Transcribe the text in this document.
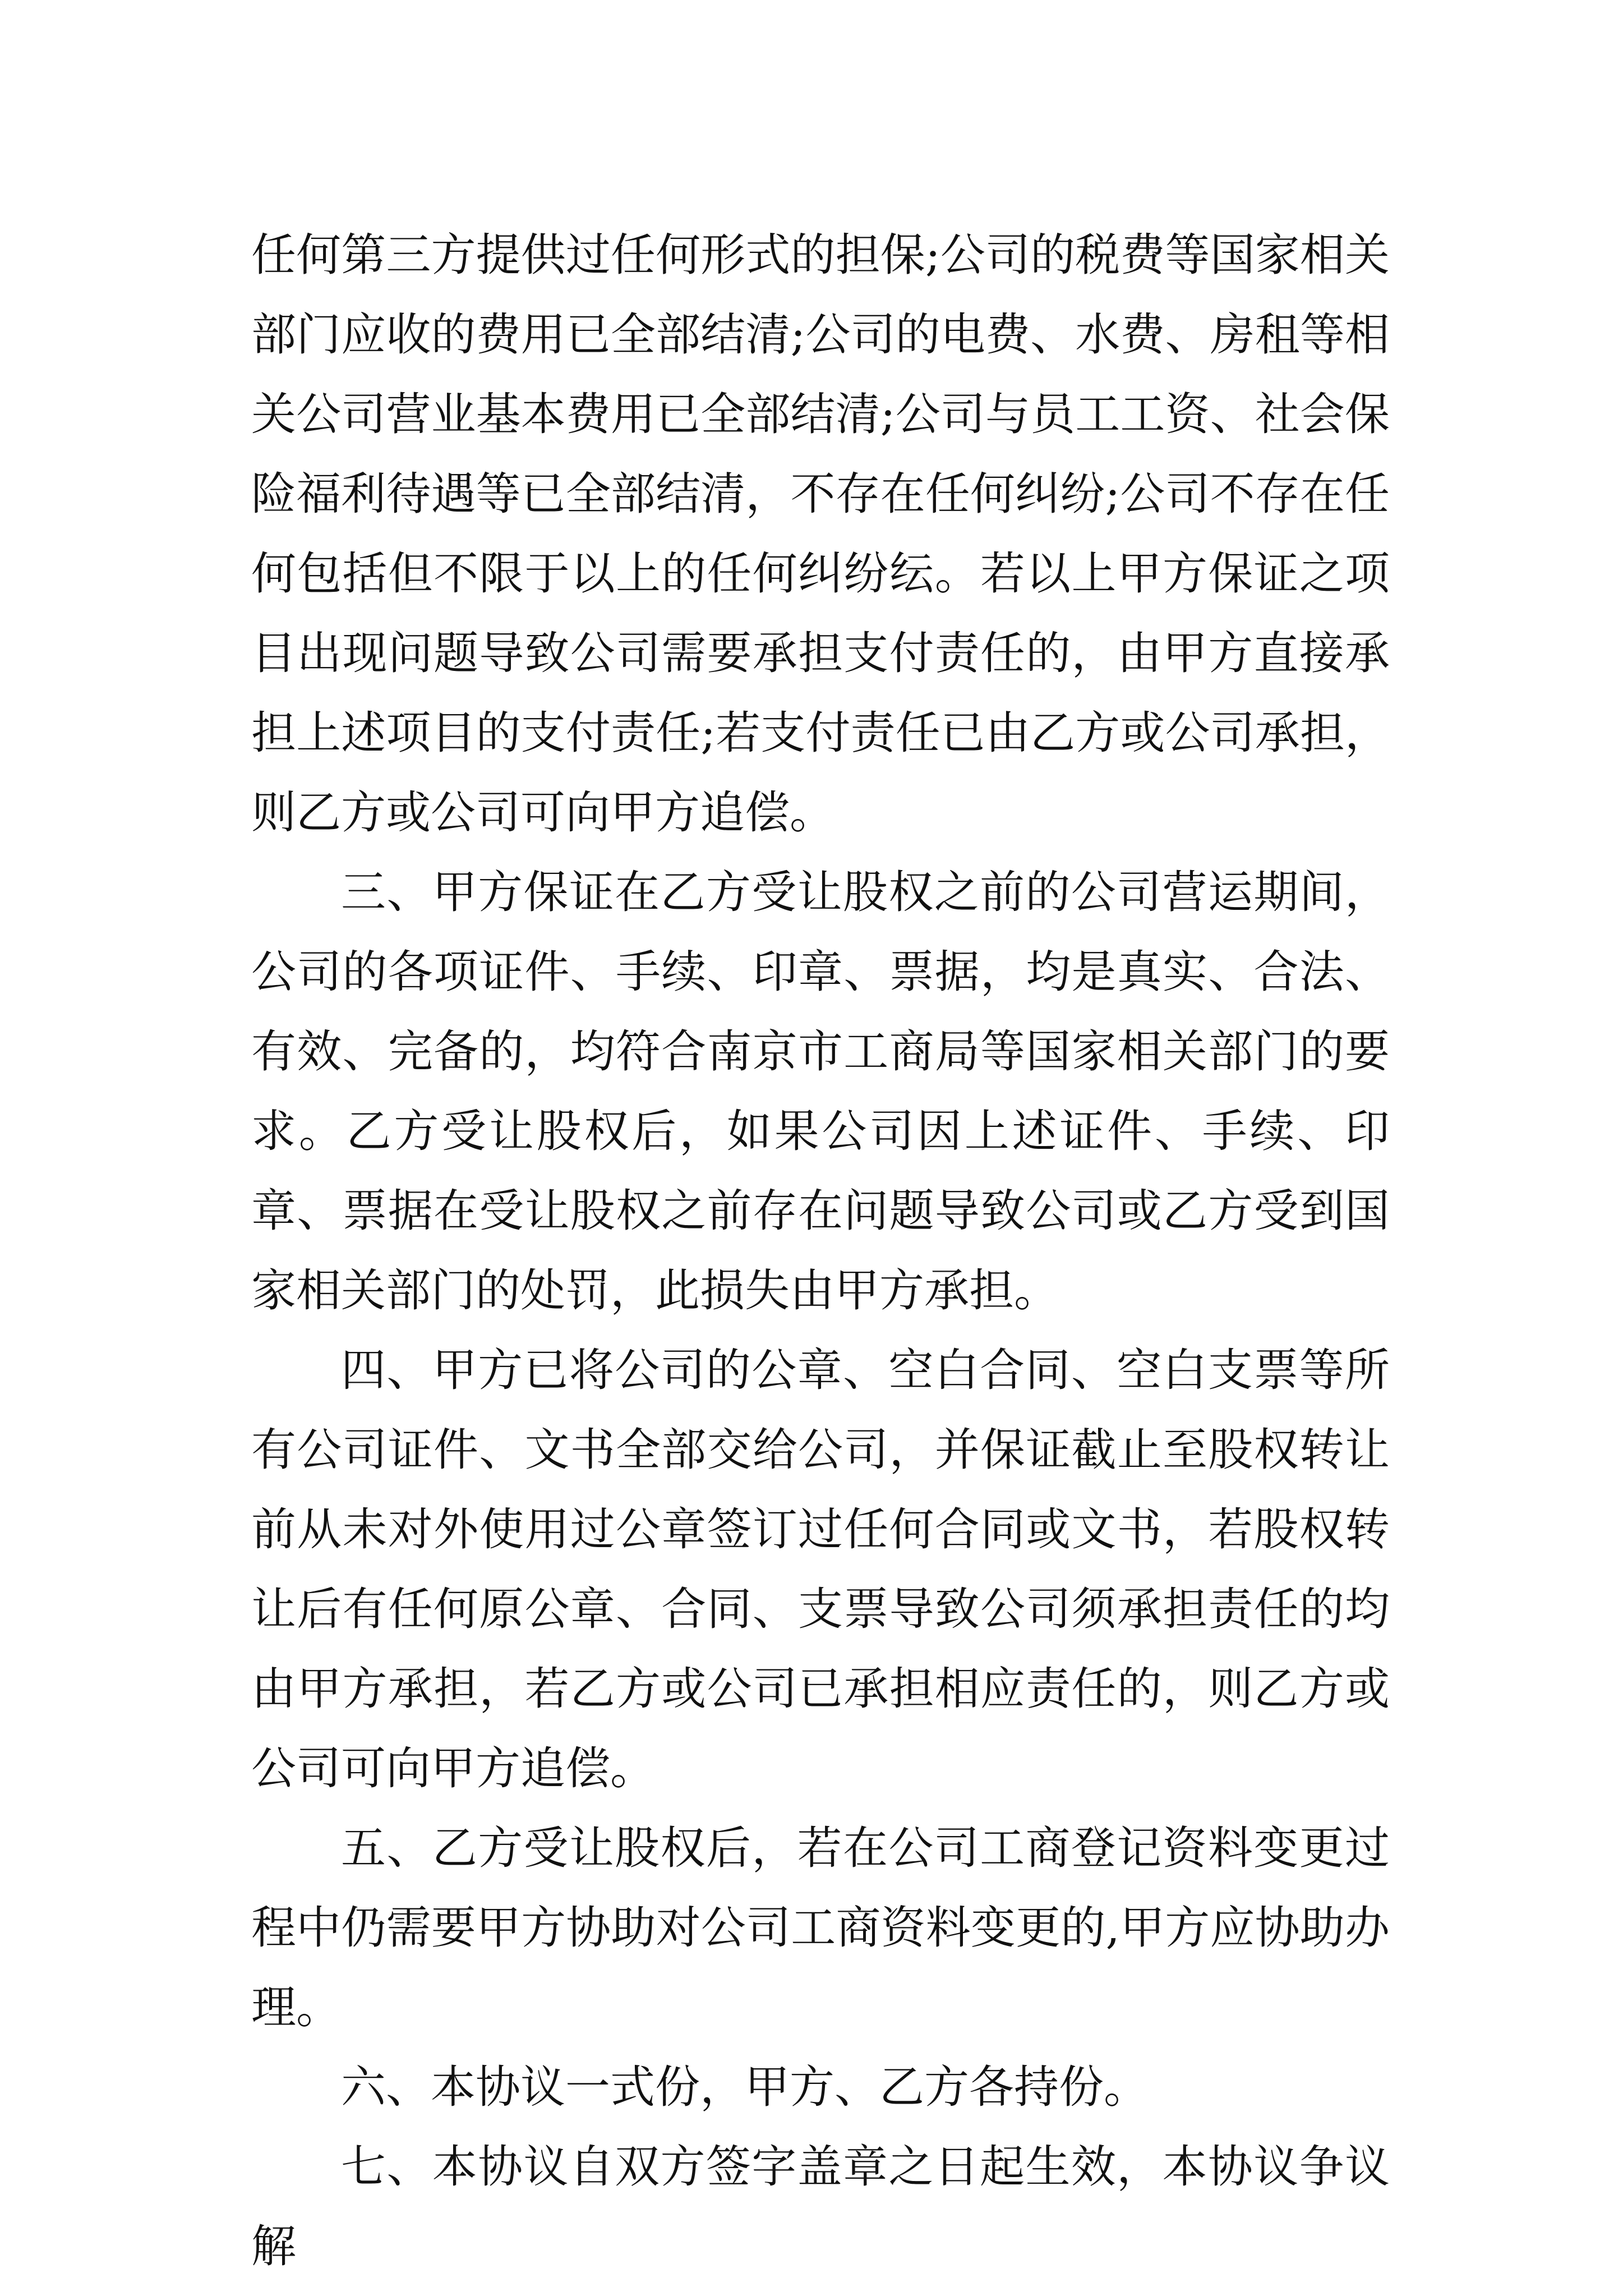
任何第三方提供过任何形式的担保;公司的税费等国家相关部门应收的费用已全部结清;公司的电费、水费、房租等相关公司营业基本费用已全部结清;公司与员工工资、社会保险福利待遇等已全部结清，不存在任何纠纷;公司不存在任何包括但不限于以上的任何纠纷纭。若以上甲方保证之项目出现问题导致公司需要承担支付责任的，由甲方直接承担上述项目的支付责任;若支付责任已由乙方或公司承担，则乙方或公司可向甲方追偿。

三、甲方保证在乙方受让股权之前的公司营运期间，公司的各项证件、手续、印章、票据，均是真实、合法、有效、完备的，均符合南京市工商局等国家相关部门的要求。乙方受让股权后，如果公司因上述证件、手续、印章、票据在受让股权之前存在问题导致公司或乙方受到国家相关部门的处罚，此损失由甲方承担。

四、甲方已将公司的公章、空白合同、空白支票等所有公司证件、文书全部交给公司，并保证截止至股权转让前从未对外使用过公章签订过任何合同或文书，若股权转让后有任何原公章、合同、支票导致公司须承担责任的均由甲方承担，若乙方或公司已承担相应责任的，则乙方或公司可向甲方追偿。

五、乙方受让股权后，若在公司工商登记资料变更过程中仍需要甲方协助对公司工商资料变更的,甲方应协助办理。

六、本协议一式份，甲方、乙方各持份。

七、本协议自双方签字盖章之日起生效，本协议争议解
